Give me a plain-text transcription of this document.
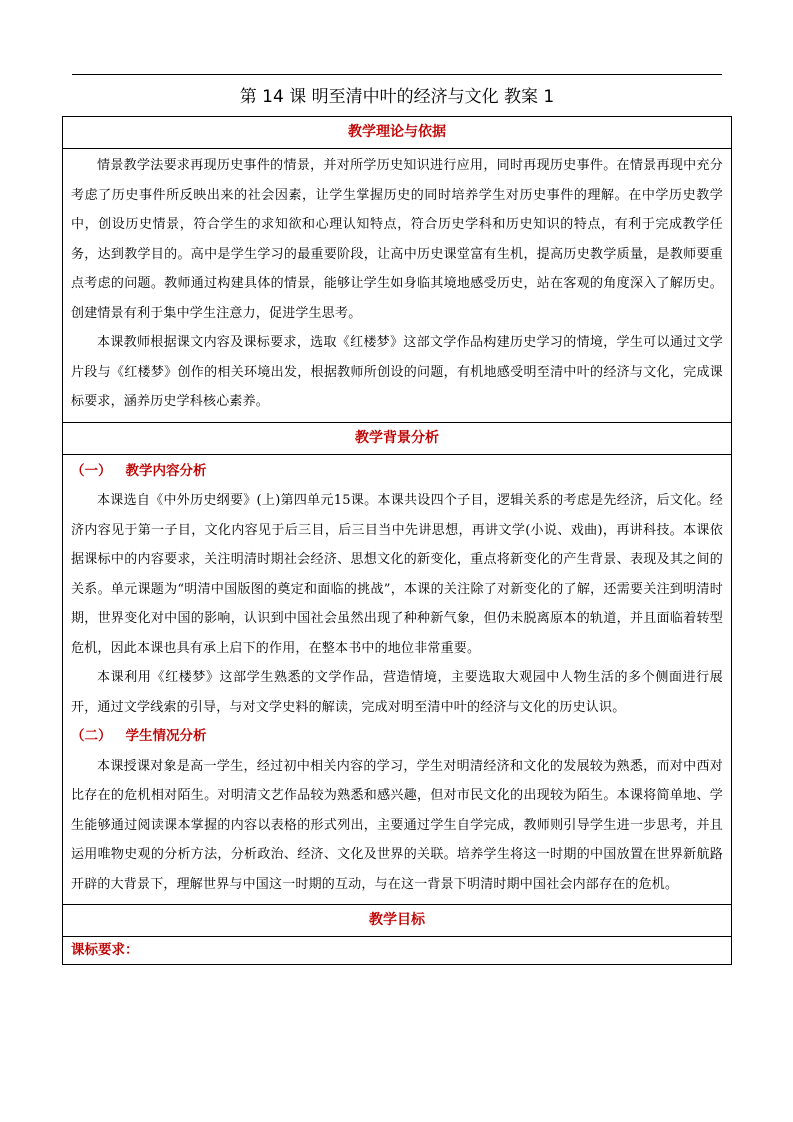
第 14 课 明至清中叶的经济与文化 教案 1
教学理论与依据

情景教学法要求再现历史事件的情景，并对所学历史知识进行应用，同时再现历史事件。在情景再现中充分考虑了历史事件所反映出来的社会因素，让学生掌握历史的同时培养学生对历史事件的理解。在中学历史教学中，创设历史情景，符合学生的求知欲和心理认知特点，符合历史学科和历史知识的特点，有利于完成教学任务，达到教学目的。高中是学生学习的最重要阶段，让高中历史课堂富有生机，提高历史教学质量，是教师要重点考虑的问题。教师通过构建具体的情景，能够让学生如身临其境地感受历史，站在客观的角度深入了解历史。创建情景有利于集中学生注意力，促进学生思考。

本课教师根据课文内容及课标要求，选取《红楼梦》这部文学作品构建历史学习的情境，学生可以通过文学片段与《红楼梦》创作的相关环境出发，根据教师所创设的问题，有机地感受明至清中叶的经济与文化，完成课标要求，涵养历史学科核心素养。

教学背景分析

（一） 教学内容分析

本课选自《中外历史纲要》(上)第四单元15课。本课共设四个子目，逻辑关系的考虑是先经济，后文化。经济内容见于第一子目，文化内容见于后三目，后三目当中先讲思想，再讲文学(小说、戏曲)，再讲科技。本课依据课标中的内容要求，关注明清时期社会经济、思想文化的新变化，重点将新变化的产生背景、表现及其之间的关系。单元课题为“明清中国版图的奠定和面临的挑战”，本课的关注除了对新变化的了解，还需要关注到明清时期，世界变化对中国的影响，认识到中国社会虽然出现了种种新气象，但仍未脱离原本的轨道，并且面临着转型危机，因此本课也具有承上启下的作用，在整本书中的地位非常重要。

本课利用《红楼梦》这部学生熟悉的文学作品，营造情境，主要选取大观园中人物生活的多个侧面进行展开，通过文学线索的引导，与对文学史料的解读，完成对明至清中叶的经济与文化的历史认识。

（二） 学生情况分析

本课授课对象是高一学生，经过初中相关内容的学习，学生对明清经济和文化的发展较为熟悉，而对中西对比存在的危机相对陌生。对明清文艺作品较为熟悉和感兴趣，但对市民文化的出现较为陌生。本课将简单地、学生能够通过阅读课本掌握的内容以表格的形式列出，主要通过学生自学完成，教师则引导学生进一步思考，并且运用唯物史观的分析方法，分析政治、经济、文化及世界的关联。培养学生将这一时期的中国放置在世界新航路开辟的大背景下，理解世界与中国这一时期的互动，与在这一背景下明清时期中国社会内部存在的危机。

教学目标
课标要求：
